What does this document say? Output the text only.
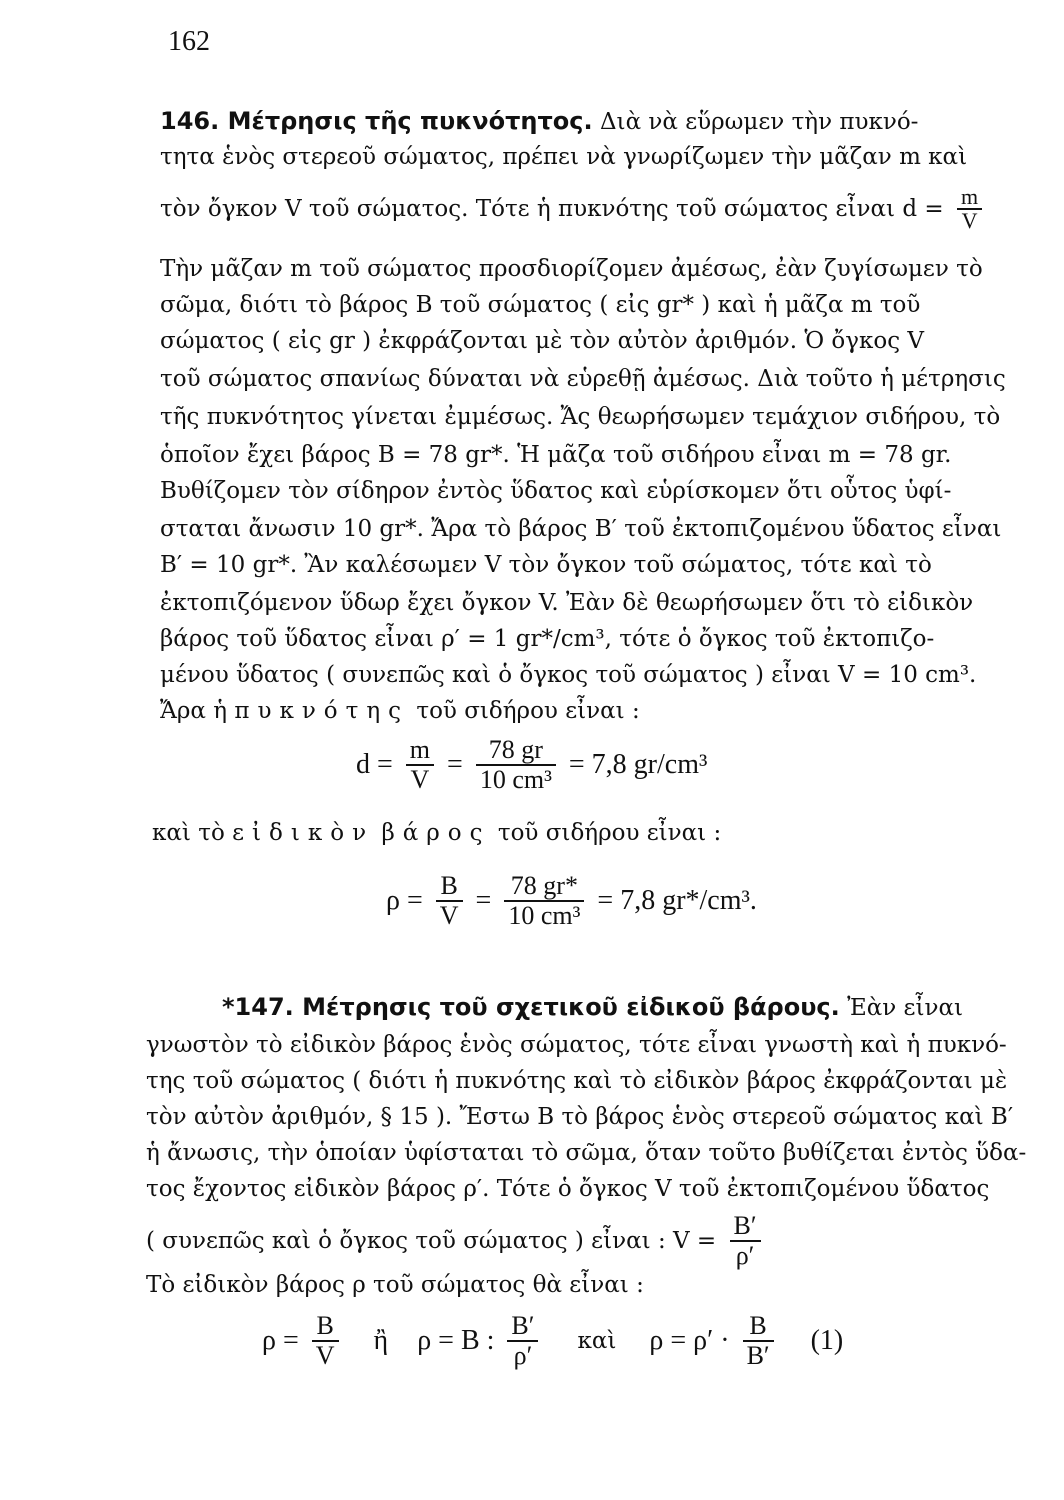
162
146. Μέτρησις τῆς πυκνότητος. Διὰ νὰ εὕρωμεν τὴν πυκνό-
τητα ἑνὸς στερεοῦ σώματος, πρέπει νὰ γνωρίζωμεν τὴν μᾶζαν m καὶ
τὸν ὄγκον V τοῦ σώματος. Τότε ἡ πυκνότης τοῦ σώματος εἶναι $d = \frac{m}{V}$
Τὴν μᾶζαν m τοῦ σώματος προσδιορίζομεν ἀμέσως, ἐὰν ζυγίσωμεν τὸ
σῶμα, διότι τὸ βάρος B τοῦ σώματος ( εἰς gr* ) καὶ ἡ μᾶζα m τοῦ
σώματος ( εἰς gr ) ἐκφράζονται μὲ τὸν αὐτὸν ἀριθμόν. Ὁ ὄγκος V
τοῦ σώματος σπανίως δύναται νὰ εὑρεθῇ ἀμέσως. Διὰ τοῦτο ἡ μέτρησις
τῆς πυκνότητος γίνεται ἐμμέσως. Ἄς θεωρήσωμεν τεμάχιον σιδήρου, τὸ
ὁποῖον ἔχει βάρος B = 78 gr*. Ἡ μᾶζα τοῦ σιδήρου εἶναι m = 78 gr.
Βυθίζομεν τὸν σίδηρον ἐντὸς ὕδατος καὶ εὑρίσκομεν ὅτι οὗτος ὑφί-
σταται ἄνωσιν 10 gr*. Ἄρα τὸ βάρος B′ τοῦ ἐκτοπιζομένου ὕδατος εἶναι
B′ = 10 gr*. Ἂν καλέσωμεν V τὸν ὄγκον τοῦ σώματος, τότε καὶ τὸ
ἐκτοπιζόμενον ὕδωρ ἔχει ὄγκον V. Ἐὰν δὲ θεωρήσωμεν ὅτι τὸ εἰδικὸν
βάρος τοῦ ὕδατος εἶναι ρ′ = 1 gr*/cm³, τότε ὁ ὄγκος τοῦ ἐκτοπιζο-
μένου ὕδατος ( συνεπῶς καὶ ὁ ὄγκος τοῦ σώματος ) εἶναι V = 10 cm³.
Ἄρα ἡ πυκνότης τοῦ σιδήρου εἶναι :
$d = \frac{m}{V} = \frac{78 gr}{\text{10 cm³}} = 7,8$ gr/cm³
καὶ τὸ εἰδικὸν βάρος τοῦ σιδήρου εἶναι :
$\rho = \frac{B}{V} = \frac{78 gr*}{\text{10 cm³}} = 7,8$ gr*/cm³.
*147. Μέτρησις τοῦ σχετικοῦ εἰδικοῦ βάρους. Ἐὰν εἶναι
γνωστὸν τὸ εἰδικὸν βάρος ἑνὸς σώματος, τότε εἶναι γνωστὴ καὶ ἡ πυκνό-
της τοῦ σώματος ( διότι ἡ πυκνότης καὶ τὸ εἰδικὸν βάρος ἐκφράζονται μὲ
τὸν αὐτὸν ἀριθμόν, § 15 ). Ἔστω B τὸ βάρος ἑνὸς στερεοῦ σώματος καὶ B′
ἡ ἄνωσις, τὴν ὁποίαν ὑφίσταται τὸ σῶμα, ὅταν τοῦτο βυθίζεται ἐντὸς ὕδα-
τος ἔχοντος εἰδικὸν βάρος ρ′. Τότε ὁ ὄγκος V τοῦ ἐκτοπιζομένου ὕδατος
( συνεπῶς καὶ ὁ ὄγκος τοῦ σώματος ) εἶναι : $V = \frac{B'}{\rho'}$
Τὸ εἰδικὸν βάρος ρ τοῦ σώματος θὰ εἶναι :
$\rho = \frac{B}{V}$ ἢ ρ = B : $\frac{B'}{\rho'}$ καὶ $\rho = \rho' \cdot \frac{B}{B'} (1)$
